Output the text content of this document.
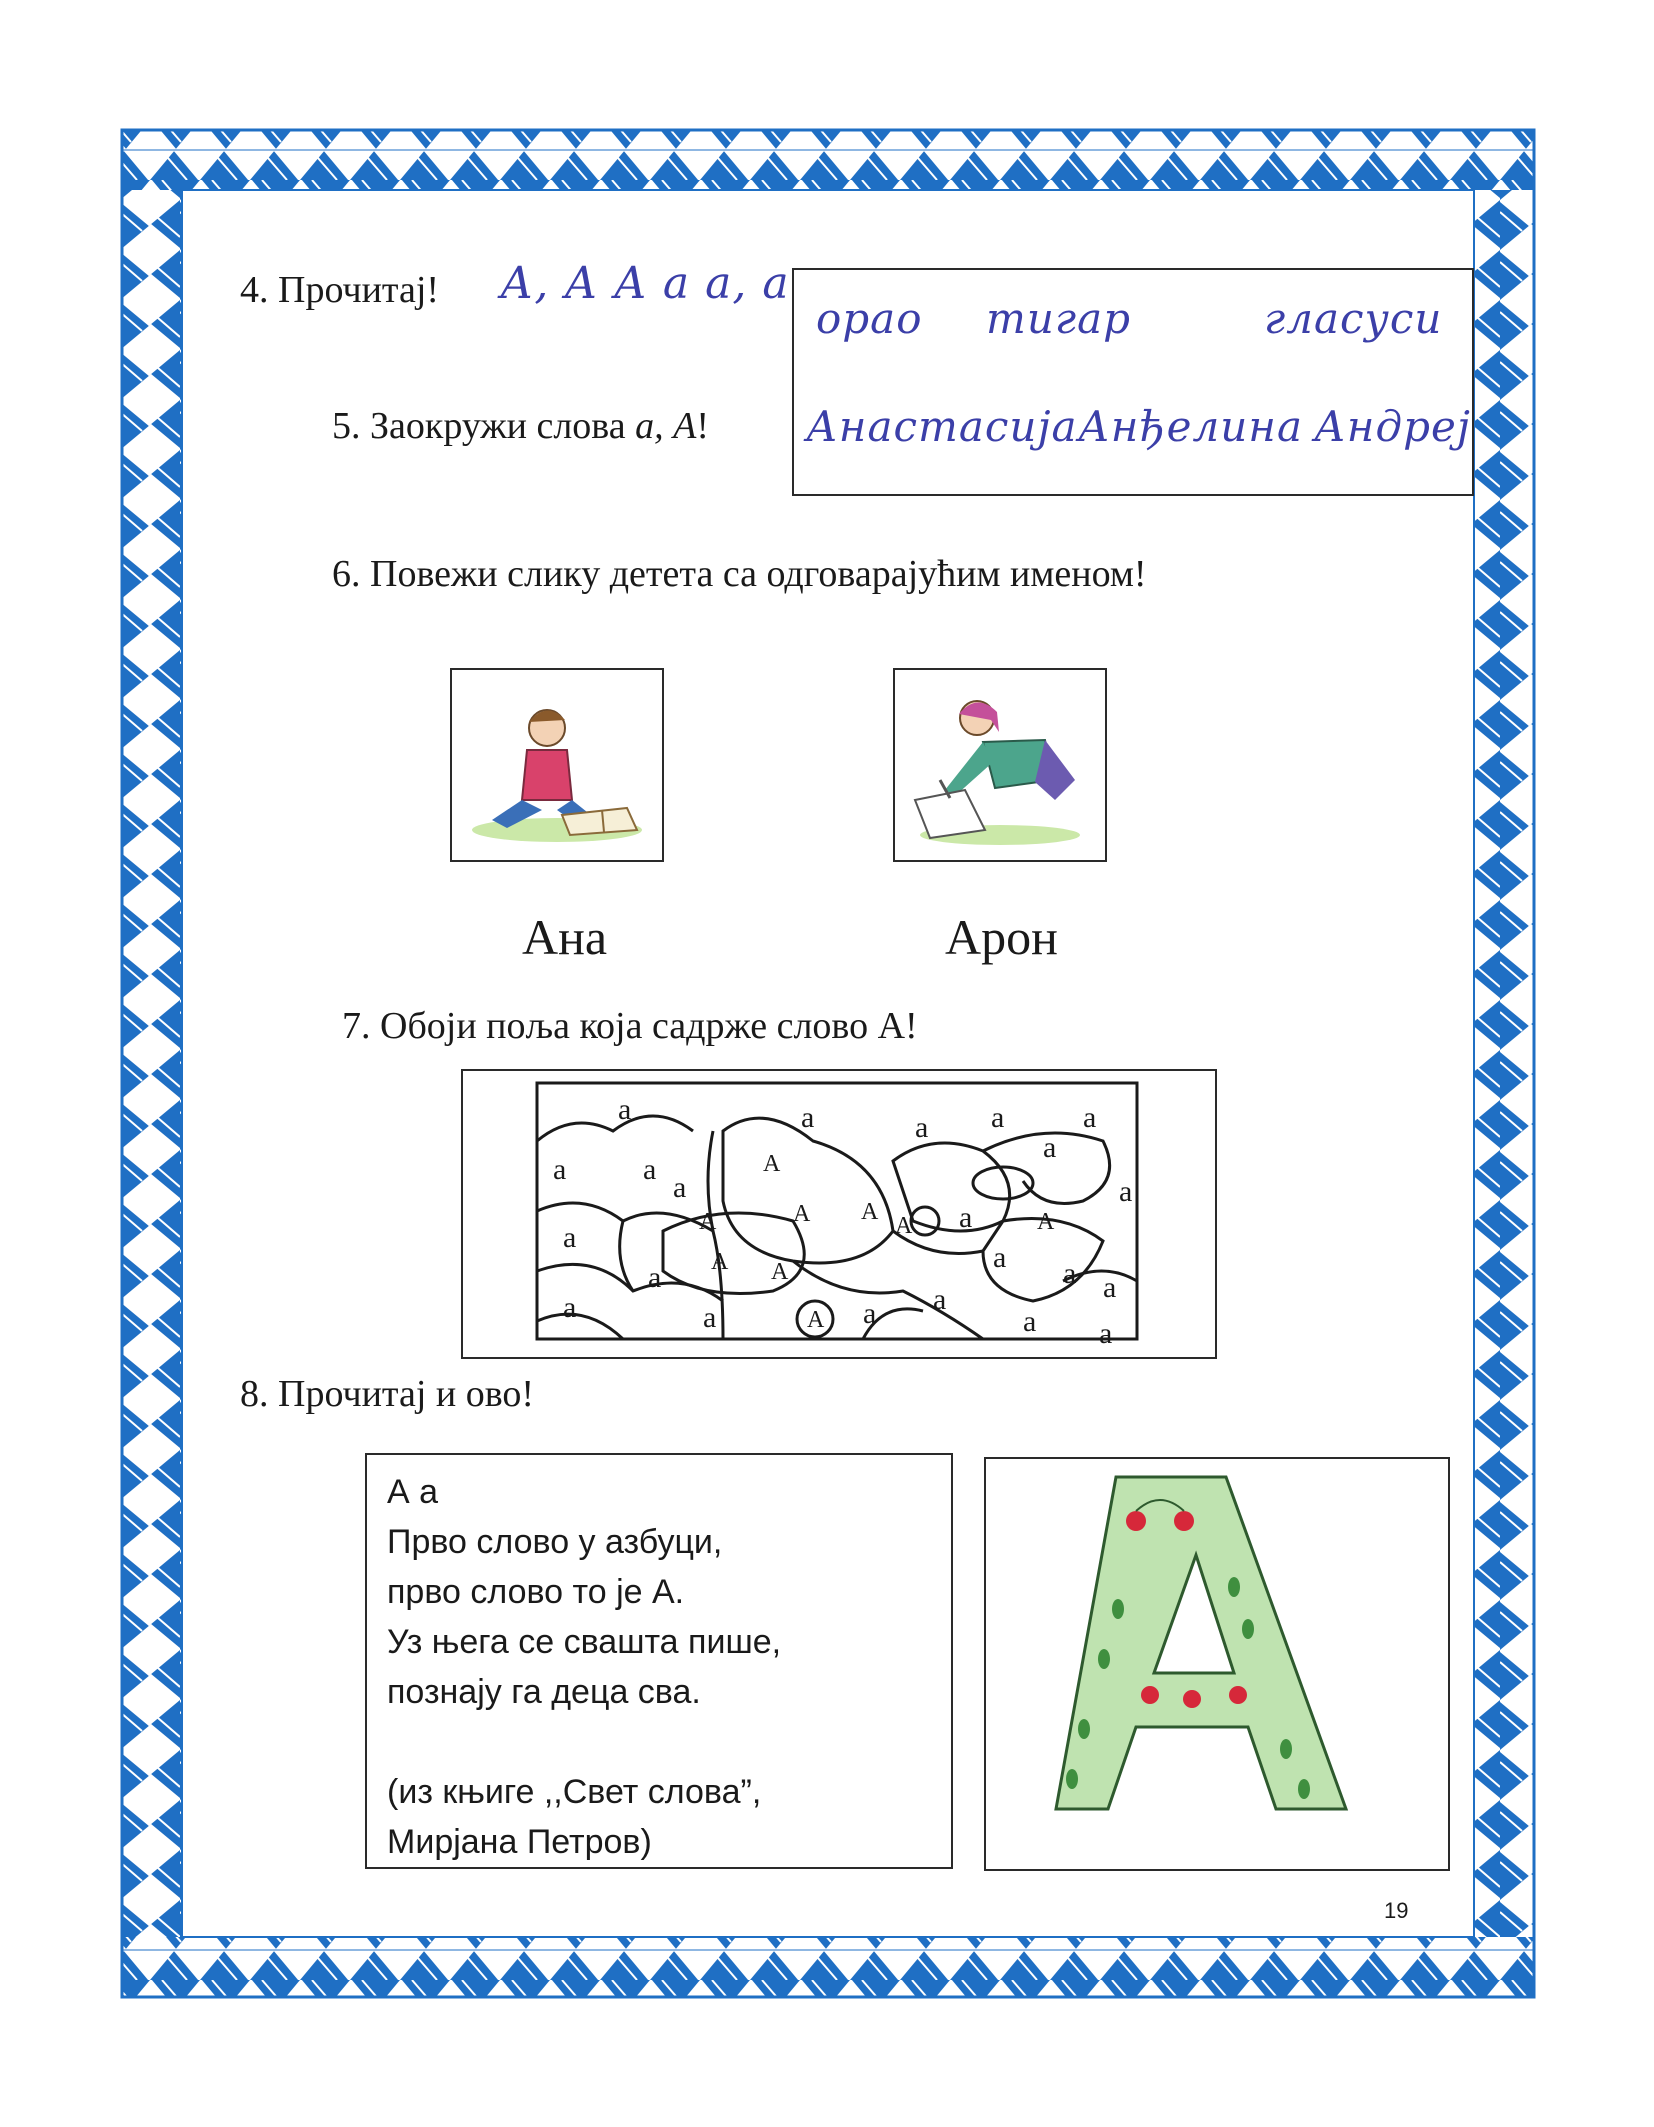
4. Прочитај! А, А А а а, а
орао тигар	гласуси
Анастасија Анђелина Андреј
5. Заокружи слова а, А!
6. Повежи слику детета са одговарајућим именом!
Ана	Арон
7. Обоји поља која садрже слово А!
а
а	а
а
а
а
а
а
а	а а	а
а а
а а
а
а
а
а
а
а
А
А
А
А А
А
А	А
А
8. Прочитај и ово!
А а
Прво слово у азбуци,
прво слово то је А.
Уз њега се свашта пише,
познају га деца сва.
(из књиге ,,Свет слова”,
Мирјана Петров)
19
